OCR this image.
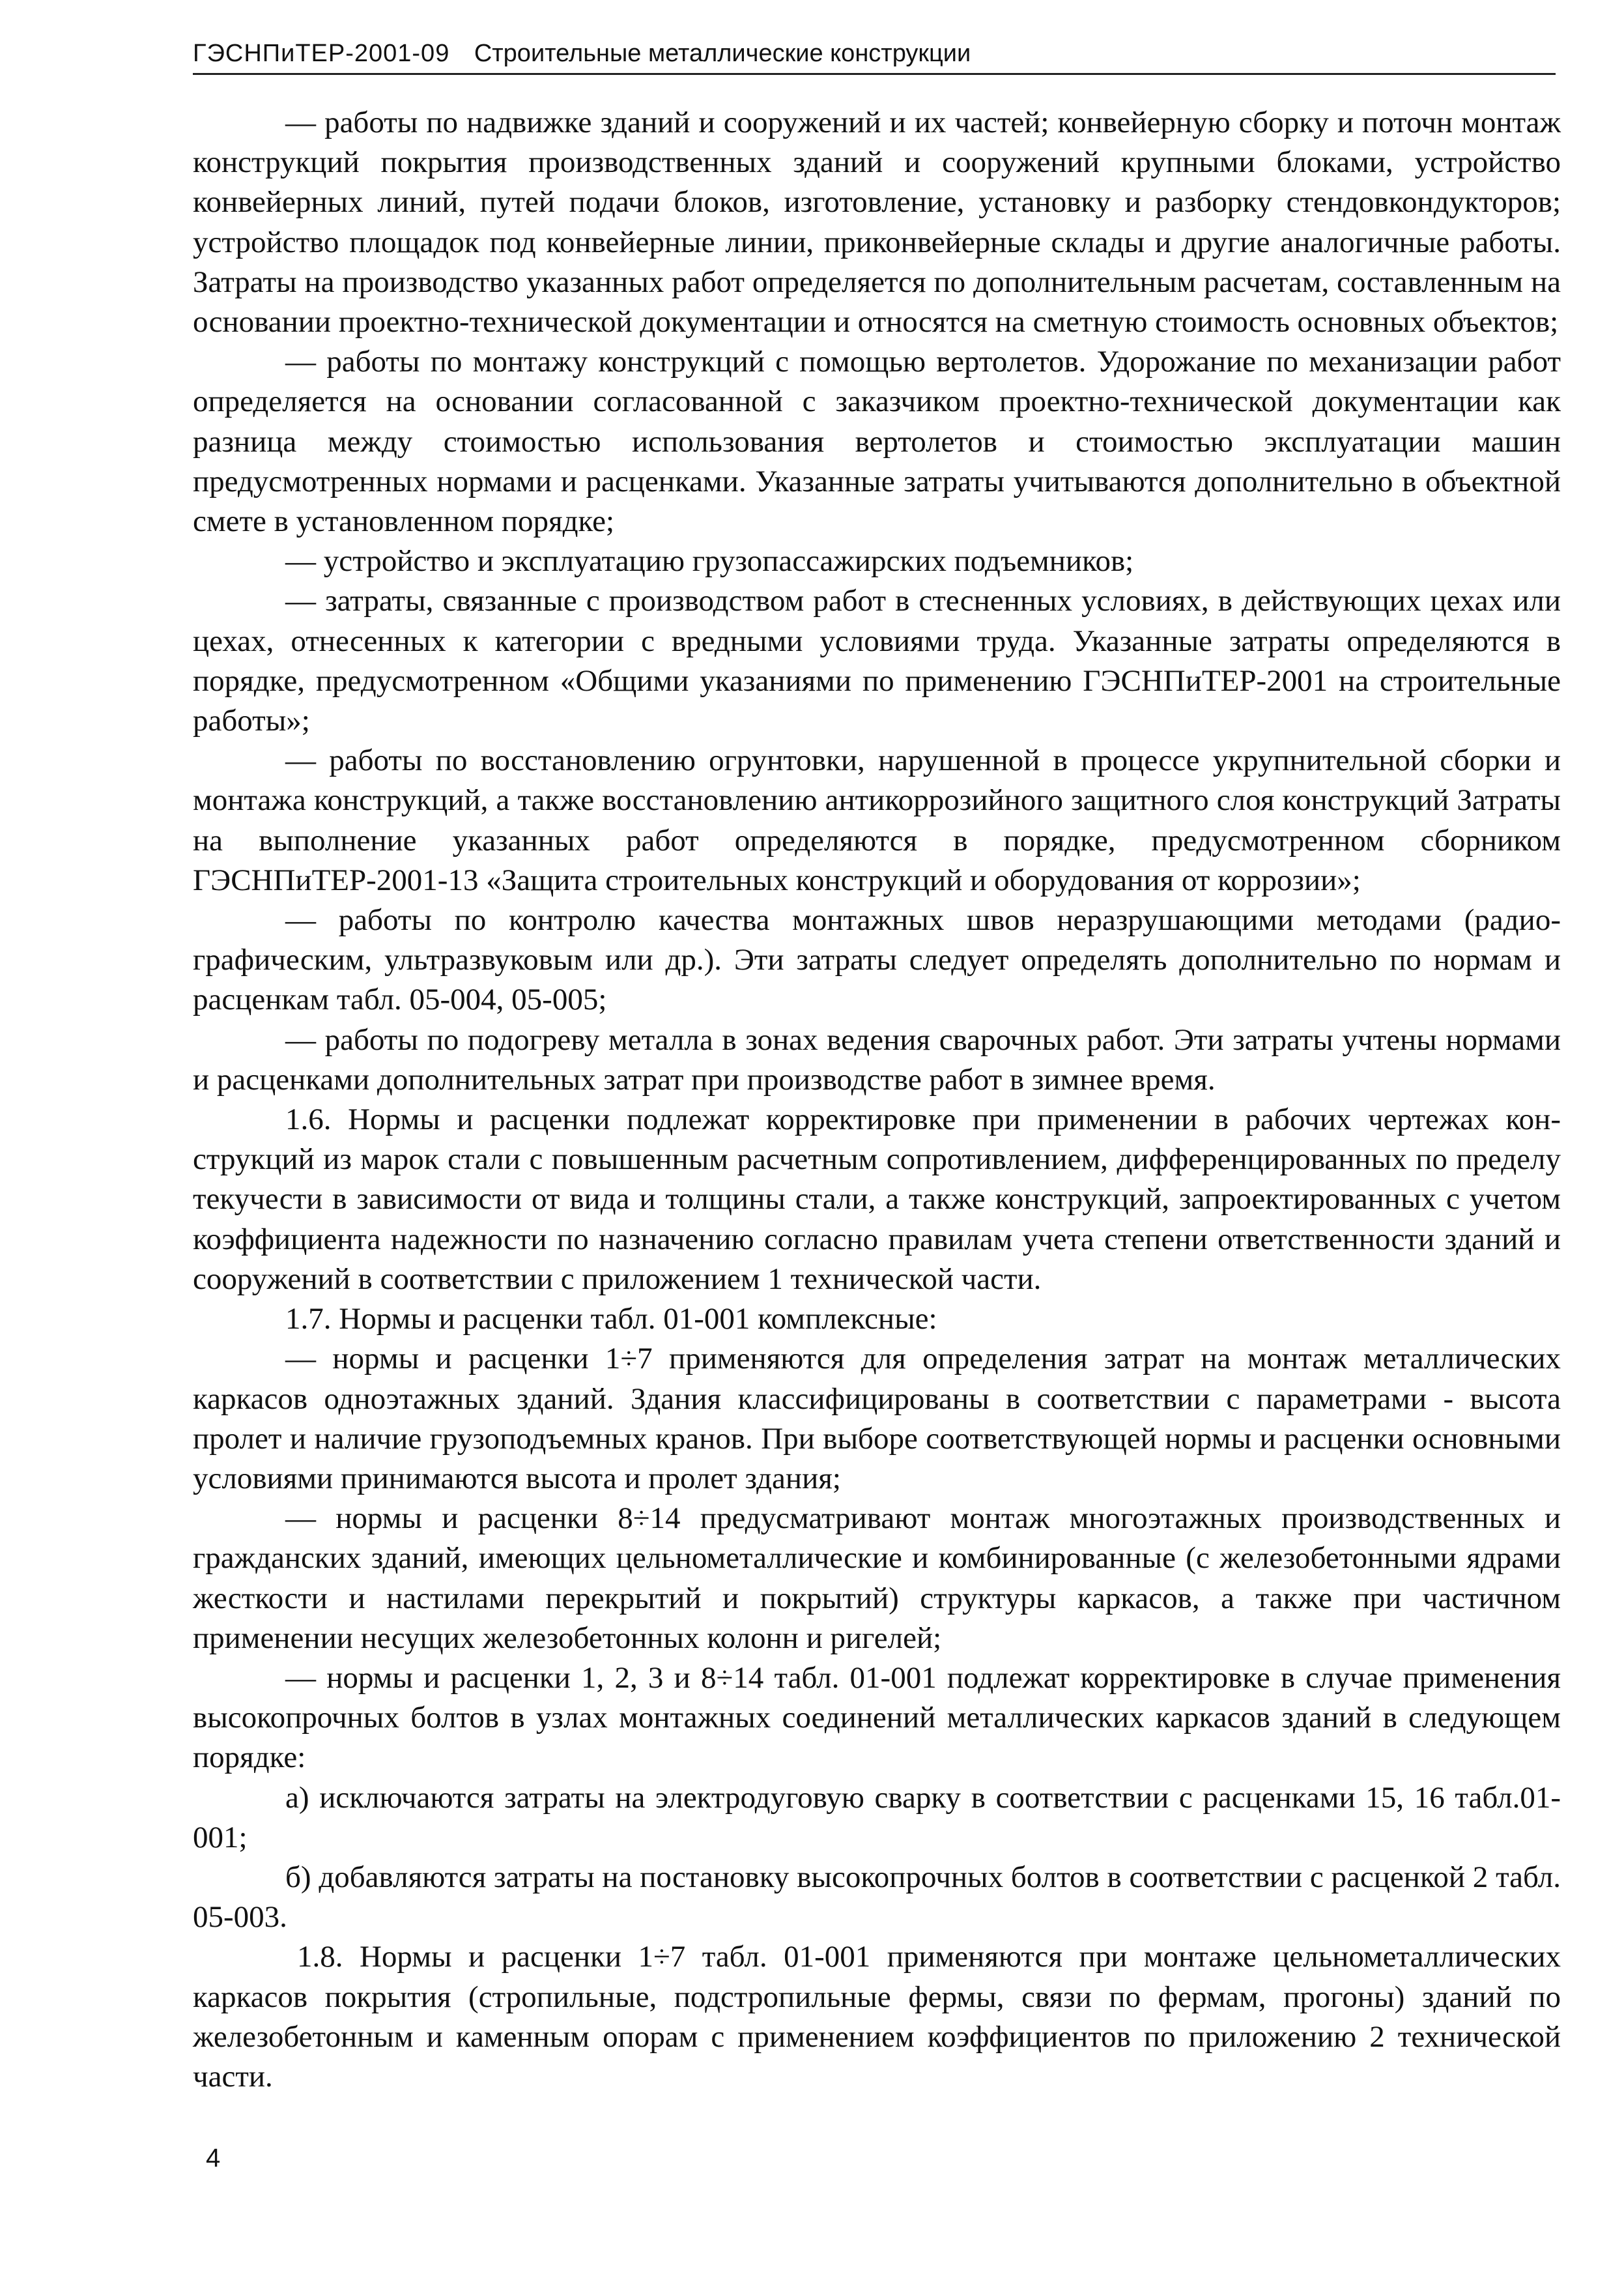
ГЭСНПиТЕР-2001-09 Строительные металлические конструкции

— работы по надвижке зданий и сооружений и их частей; конвейерную сборку и поточн монтаж конструкций покрытия производственных зданий и сооружений крупными блоками, устройство конвейерных линий, путей подачи блоков, изготовление, установку и разборку стендовкондукторов; устройство площадок под конвейерные линии, приконвейерные склады и другие аналогичные работы. Затраты на производство указанных работ определяется по дополнительным расчетам, составленным на основании проектно-технической документации и относятся на сметную стоимость основных объектов;

— работы по монтажу конструкций с помощью вертолетов. Удорожание по механизации работ определяется на основании согласованной с заказчиком проектно-технической документации как разница между стоимостью использования вертолетов и стоимостью эксплуатации машин предусмотренных нормами и расценками. Указанные затраты учитываются дополнительно в объектной смете в установленном порядке;

— устройство и эксплуатацию грузопассажирских подъемников;

— затраты, связанные с производством работ в стесненных условиях, в действующих цехах или цехах, отнесенных к категории с вредными условиями труда. Указанные затраты определяются в порядке, предусмотренном «Общими указаниями по применению ГЭСНПиТЕР-2001 на строительные работы»;

— работы по восстановлению огрунтовки, нарушенной в процессе укрупнительной сборки и монтажа конструкций, а также восстановлению антикоррозийного защитного слоя конструкций Затраты на выполнение указанных работ определяются в порядке, предусмотренном сборником ГЭСНПиТЕР-2001-13 «Защита строительных конструкций и оборудования от коррозии»;

— работы по контролю качества монтажных швов неразрушающими методами (радиографическим, ультразвуковым или др.). Эти затраты следует определять дополнительно по нормам и расценкам табл. 05-004, 05-005;

— работы по подогреву металла в зонах ведения сварочных работ. Эти затраты учтены нормами и расценками дополнительных затрат при производстве работ в зимнее время.

1.6. Нормы и расценки подлежат корректировке при применении в рабочих чертежах конструкций из марок стали с повышенным расчетным сопротивлением, дифференцированных по пределу текучести в зависимости от вида и толщины стали, а также конструкций, запроектированных с учетом коэффициента надежности по назначению согласно правилам учета степени ответственности зданий и сооружений в соответствии с приложением 1 технической части.

1.7. Нормы и расценки табл. 01-001 комплексные:

— нормы и расценки 1÷7 применяются для определения затрат на монтаж металлических каркасов одноэтажных зданий. Здания классифицированы в соответствии с параметрами - высота пролет и наличие грузоподъемных кранов. При выборе соответствующей нормы и расценки основными условиями принимаются высота и пролет здания;

— нормы и расценки 8÷14 предусматривают монтаж многоэтажных производственных и гражданских зданий, имеющих цельнометаллические и комбинированные (с железобетонными ядрами жесткости и настилами перекрытий и покрытий) структуры каркасов, а также при частичном применении несущих железобетонных колонн и ригелей;

— нормы и расценки 1, 2, 3 и 8÷14 табл. 01-001 подлежат корректировке в случае применения высокопрочных болтов в узлах монтажных соединений металлических каркасов зданий в следующем порядке:

а) исключаются затраты на электродуговую сварку в соответствии с расценками 15, 16 табл.01-001;

б) добавляются затраты на постановку высокопрочных болтов в соответствии с расценкой 2 табл. 05-003.

1.8. Нормы и расценки 1÷7 табл. 01-001 применяются при монтаже цельнометаллических каркасов покрытия (стропильные, подстропильные фермы, связи по фермам, прогоны) зданий по железобетонным и каменным опорам с применением коэффициентов по приложению 2 технической части.

4
